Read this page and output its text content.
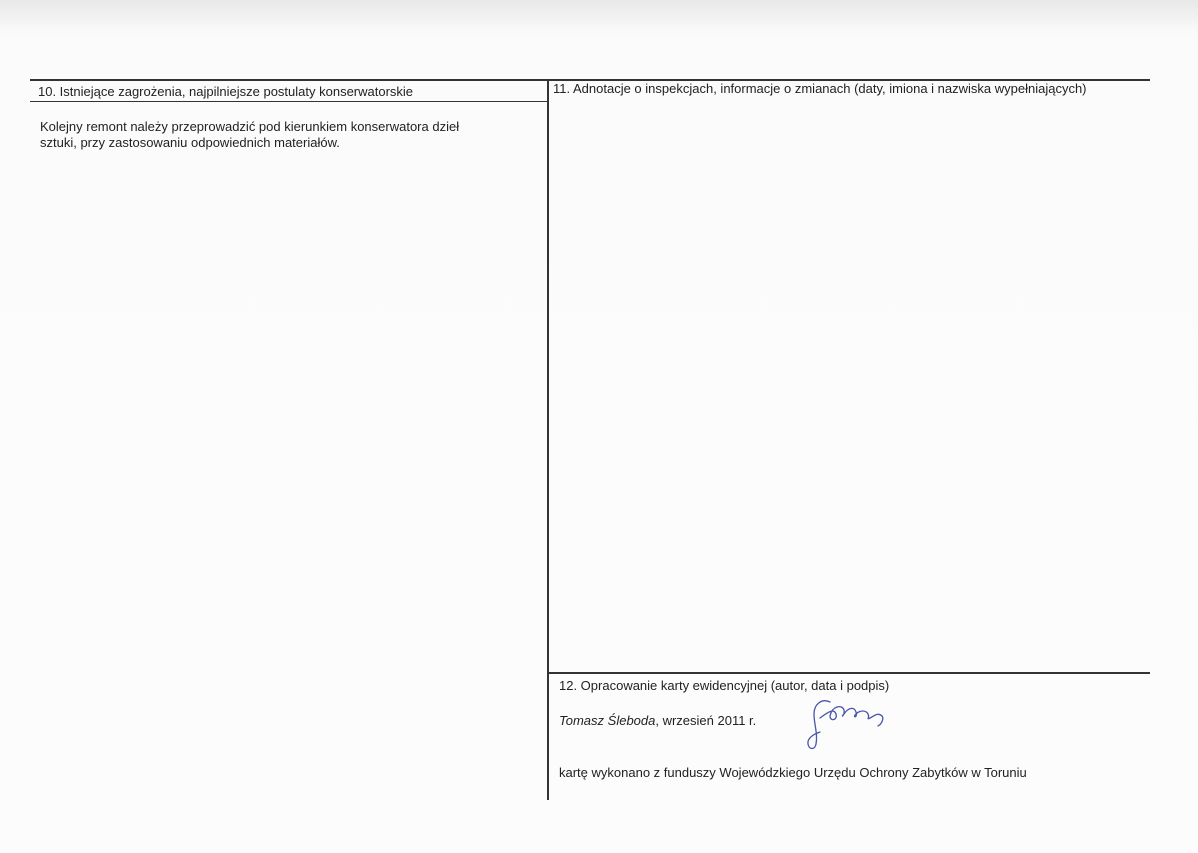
10. Istniejące zagrożenia, najpilniejsze postulaty konserwatorskie
Kolejny remont należy przeprowadzić pod kierunkiem konserwatora dzieł
sztuki, przy zastosowaniu odpowiednich materiałów.
11. Adnotacje o inspekcjach, informacje o zmianach (daty, imiona i nazwiska wypełniających)
12. Opracowanie karty ewidencyjnej (autor, data i podpis)
Tomasz Śleboda, wrzesień 2011 r.
kartę wykonano z funduszy Wojewódzkiego Urzędu Ochrony Zabytków w Toruniu
